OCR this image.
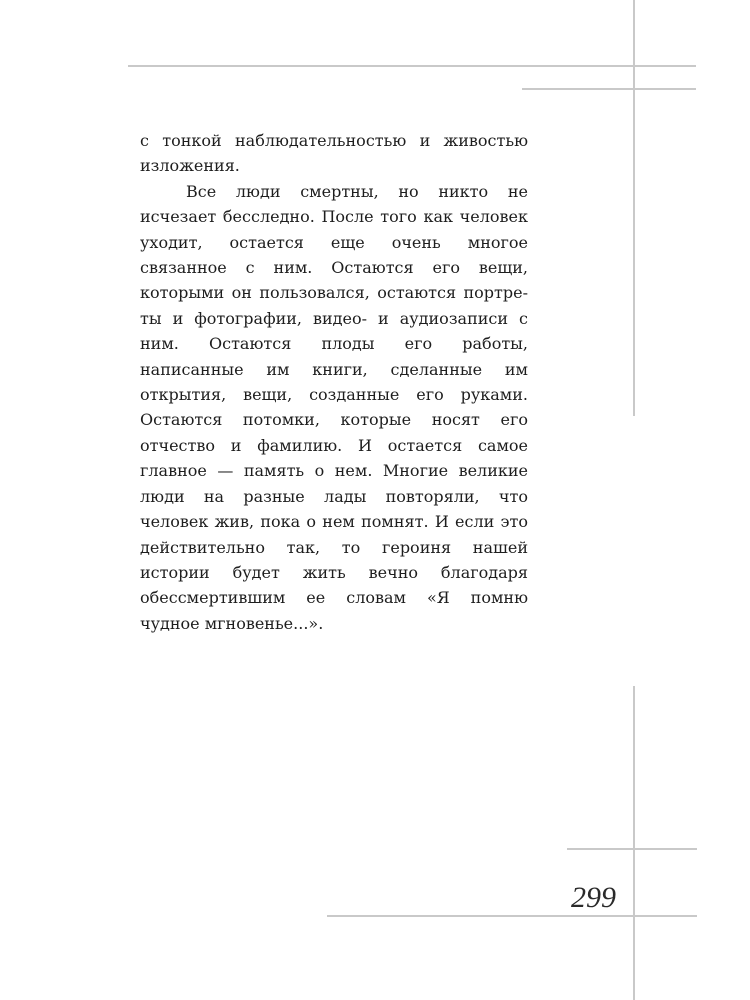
с тонкой наблюдательностью и живостью изложения.

Все люди смертны, но никто не исчезает бесследно. После того как человек уходит, остается еще очень многое связанное с ним. Остаются его вещи, которыми он пользовался, остаются портреты и фотографии, видео- и аудиозаписи с ним. Остаются плоды его работы, написанные им книги, сделанные им открытия, вещи, созданные его руками. Остаются потомки, которые носят его отчество и фамилию. И остается самое главное — память о нем. Многие великие люди на разные лады повторяли, что человек жив, пока о нем помнят. И если это действительно так, то героиня нашей истории будет жить вечно благодаря обессмертившим ее словам «Я помню чудное мгновенье...».

299
